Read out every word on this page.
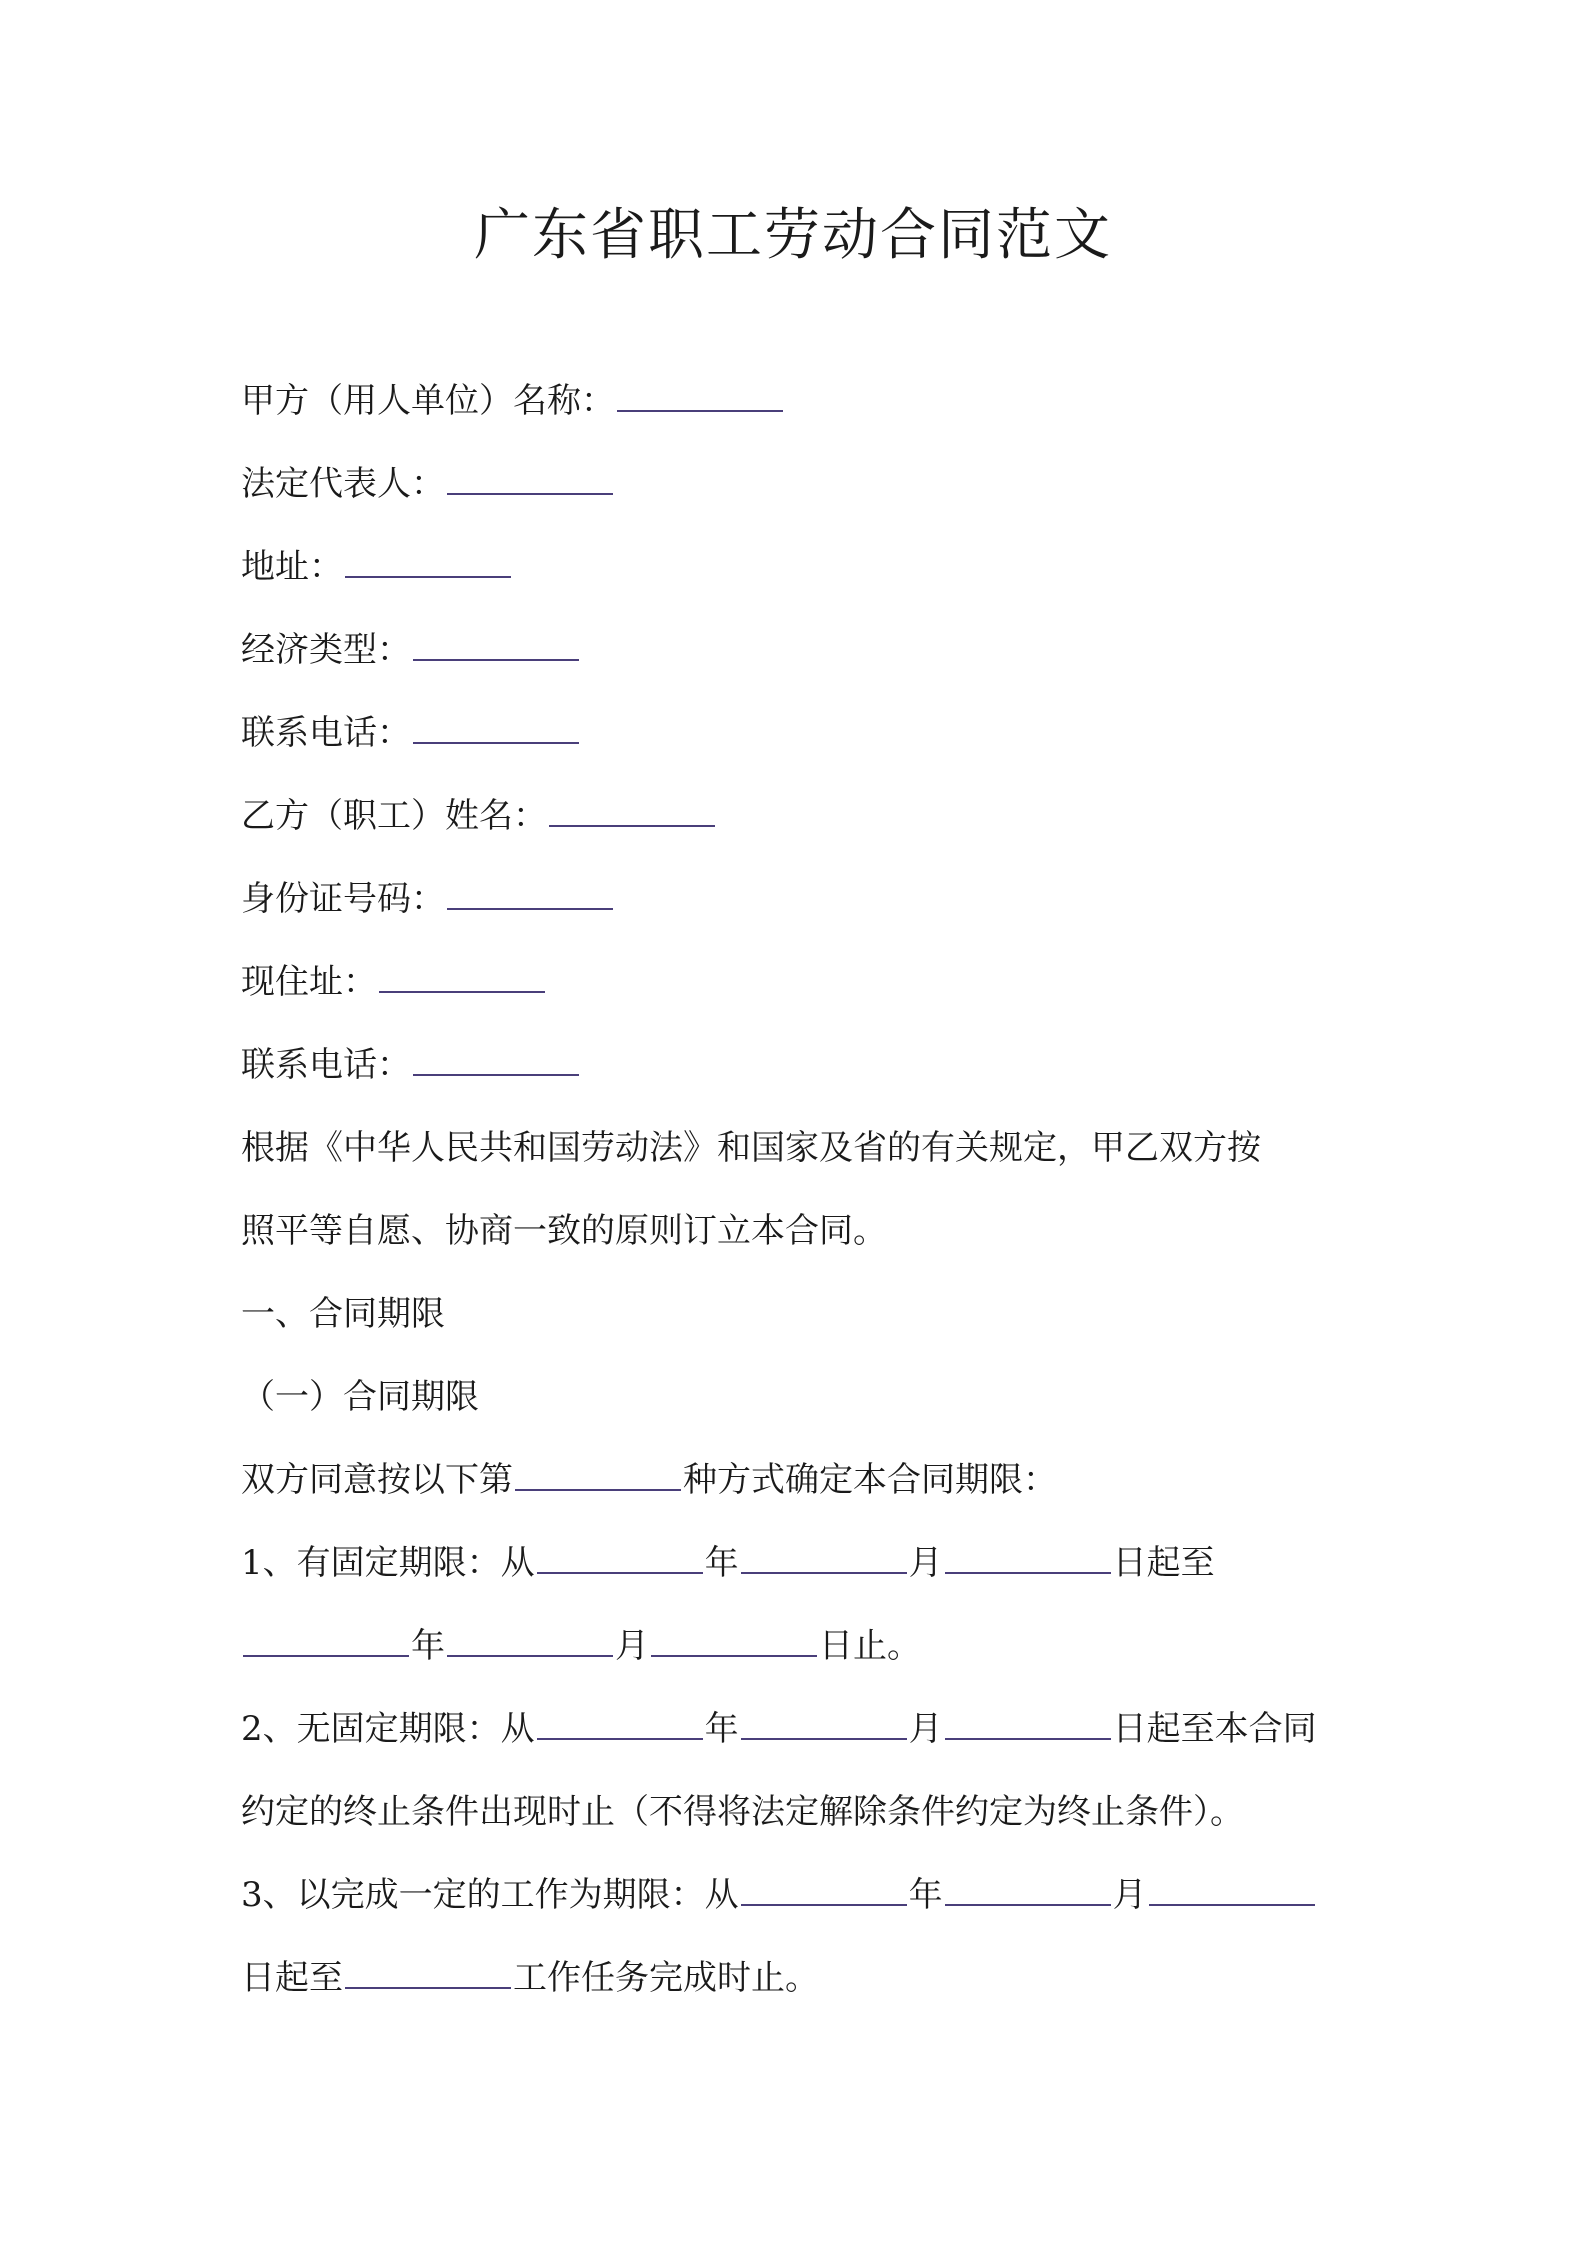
广东省职工劳动合同范文
甲方（用人单位）名称：
法定代表人：
地址：
经济类型：
联系电话：
乙方（职工）姓名：
身份证号码：
现住址：
联系电话：
根据《中华人民共和国劳动法》和国家及省的有关规定，甲乙双方按
照平等自愿、协商一致的原则订立本合同。
一、合同期限
（一）合同期限
双方同意按以下第	种方式确定本合同期限：
1、有固定期限：从	年	月	日起至
年	月	日止。
2、无固定期限：从	年	月	日起至本合同
约定的终止条件出现时止（不得将法定解除条件约定为终止条件）。
3、以完成一定的工作为期限：从	年	月
日起至	工作任务完成时止。
